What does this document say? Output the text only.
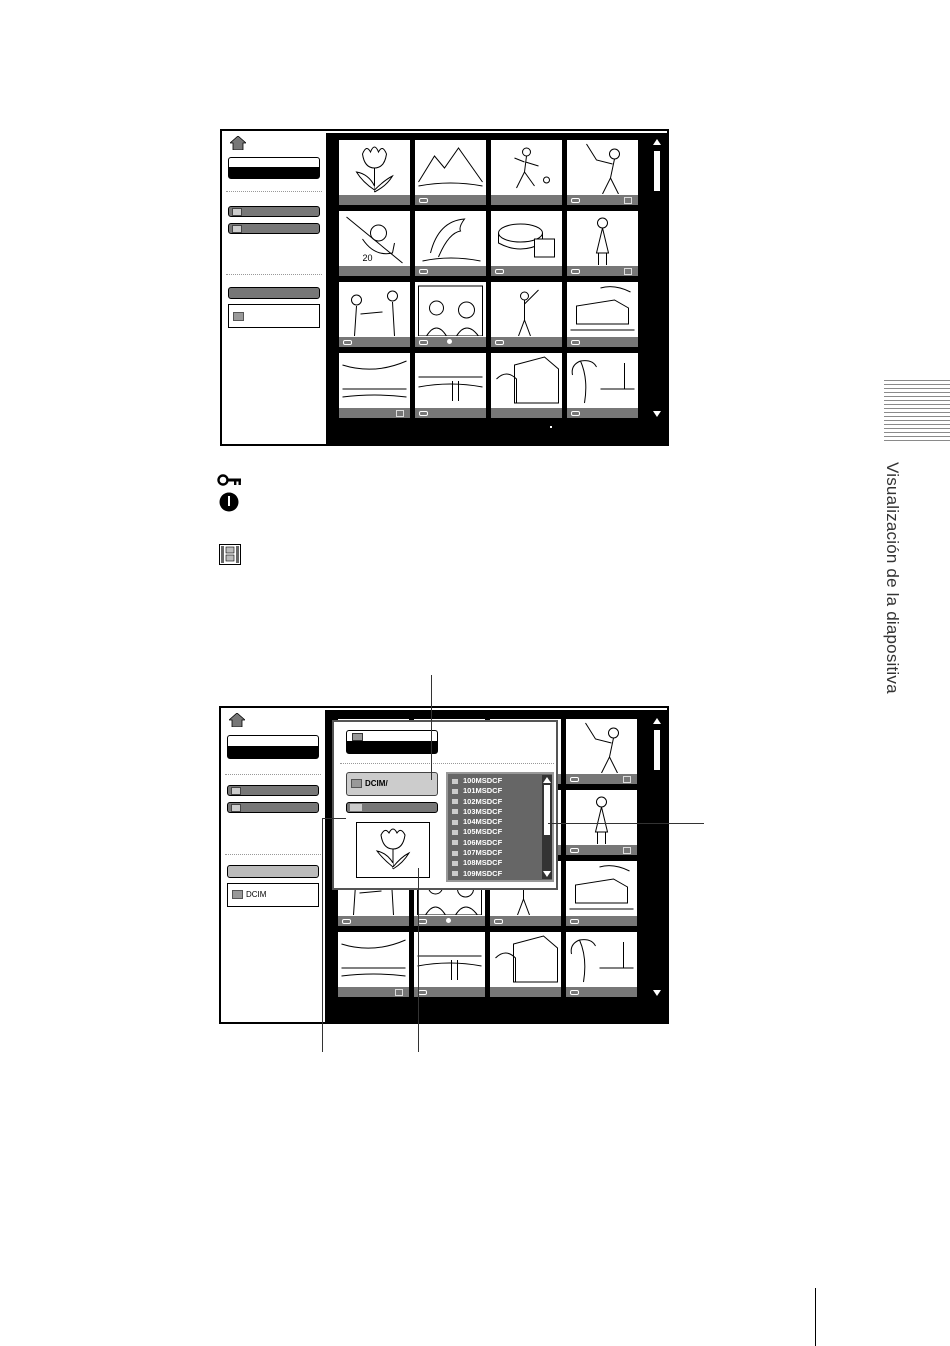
Visualización de la diapositiva
20
DCIM
DCIM/	100MSDCF
101MSDCF
102MSDCF
103MSDCF
104MSDCF
105MSDCF
106MSDCF
107MSDCF
108MSDCF
109MSDCF
